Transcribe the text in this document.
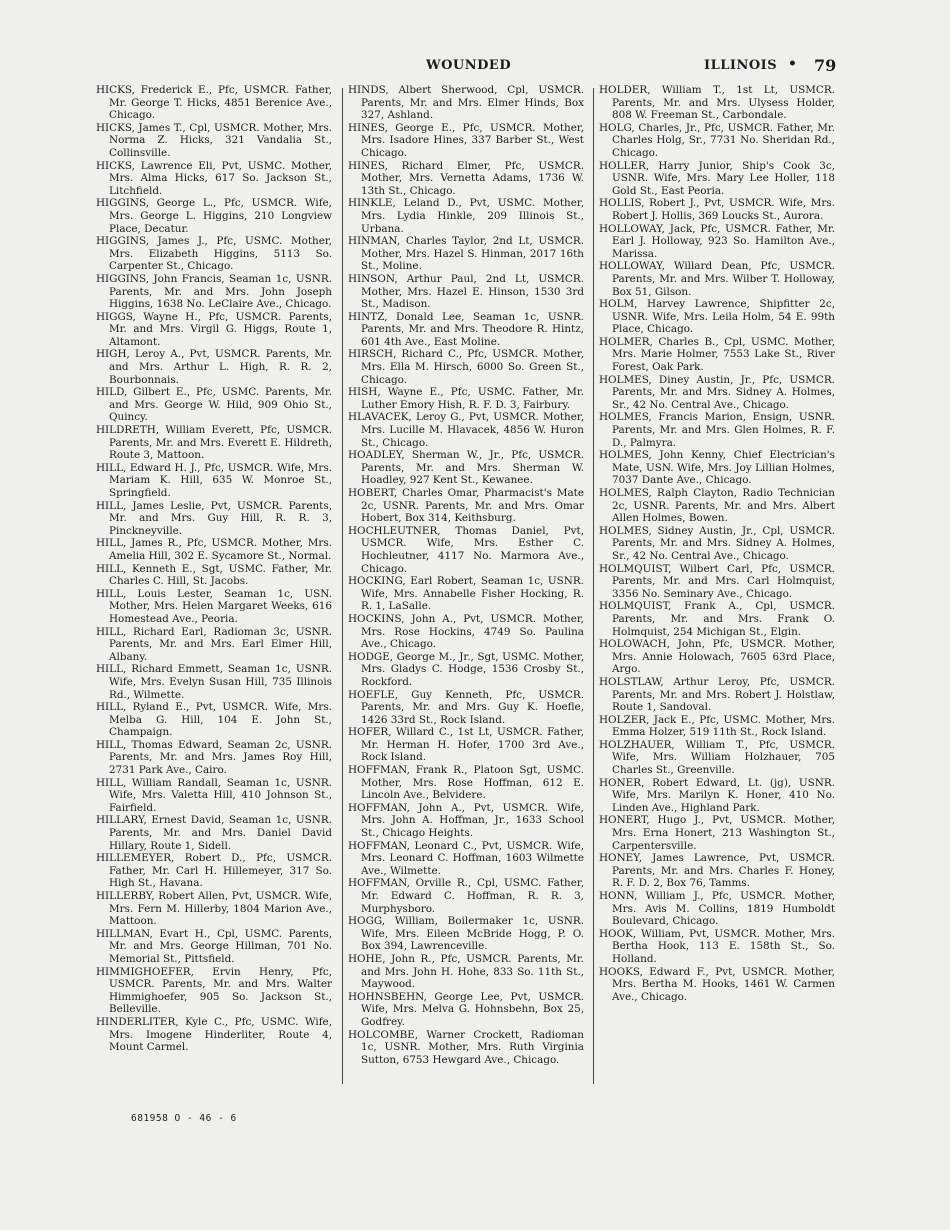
WOUNDED	ILLINOIS • 79

HICKS, Frederick E., Pfc, USMCR. Father, Mr. George T. Hicks, 4851 Berenice Ave., Chicago.

HICKS, James T., Cpl, USMCR. Mother, Mrs. Norma Z. Hicks, 321 Vandalia St., Collinsville.

HICKS, Lawrence Eli, Pvt, USMC. Mother, Mrs. Alma Hicks, 617 So. Jackson St., Litchfield.

HIGGINS, George L., Pfc, USMCR. Wife, Mrs. George L. Higgins, 210 Longview Place, Decatur.

HIGGINS, James J., Pfc, USMC. Mother, Mrs. Elizabeth Higgins, 5113 So. Carpenter St., Chicago.

HIGGINS, John Francis, Seaman 1c, USNR. Parents, Mr. and Mrs. John Joseph Higgins, 1638 No. LeClaire Ave., Chicago.

HIGGS, Wayne H., Pfc, USMCR. Parents, Mr. and Mrs. Virgil G. Higgs, Route 1, Altamont.

HIGH, Leroy A., Pvt, USMCR. Parents, Mr. and Mrs. Arthur L. High, R. R. 2, Bourbonnais.

HILD, Gilbert E., Pfc, USMC. Parents, Mr. and Mrs. George W. Hild, 909 Ohio St., Quincy.

HILDRETH, William Everett, Pfc, USMCR. Parents, Mr. and Mrs. Everett E. Hildreth, Route 3, Mattoon.

HILL, Edward H. J., Pfc, USMCR. Wife, Mrs. Mariam K. Hill, 635 W. Monroe St., Springfield.

HILL, James Leslie, Pvt, USMCR. Parents, Mr. and Mrs. Guy Hill, R. R. 3, Pinckneyville.

HILL, James R., Pfc, USMCR. Mother, Mrs. Amelia Hill, 302 E. Sycamore St., Normal.

HILL, Kenneth E., Sgt, USMC. Father, Mr. Charles C. Hill, St. Jacobs.

HILL, Louis Lester, Seaman 1c, USN. Mother, Mrs. Helen Margaret Weeks, 616 Homestead Ave., Peoria.

HILL, Richard Earl, Radioman 3c, USNR. Parents, Mr. and Mrs. Earl Elmer Hill, Albany.

HILL, Richard Emmett, Seaman 1c, USNR. Wife, Mrs. Evelyn Susan Hill, 735 Illinois Rd., Wilmette.

HILL, Ryland E., Pvt, USMCR. Wife, Mrs. Melba G. Hill, 104 E. John St., Champaign.

HILL, Thomas Edward, Seaman 2c, USNR. Parents, Mr. and Mrs. James Roy Hill, 2731 Park Ave., Cairo.

HILL, William Randall, Seaman 1c, USNR. Wife, Mrs. Valetta Hill, 410 Johnson St., Fairfield.

HILLARY, Ernest David, Seaman 1c, USNR. Parents, Mr. and Mrs. Daniel David Hillary, Route 1, Sidell.

HILLEMEYER, Robert D., Pfc, USMCR. Father, Mr. Carl H. Hillemeyer, 317 So. High St., Havana.

HILLERBY, Robert Allen, Pvt, USMCR. Wife, Mrs. Fern M. Hillerby, 1804 Marion Ave., Mattoon.

HILLMAN, Evart H., Cpl, USMC. Parents, Mr. and Mrs. George Hillman, 701 No. Memorial St., Pittsfield.

HIMMIGHOEFER, Ervin Henry, Pfc, USMCR. Parents, Mr. and Mrs. Walter Himmighoefer, 905 So. Jackson St., Belleville.

HINDERLITER, Kyle C., Pfc, USMC. Wife, Mrs. Imogene Hinderliter, Route 4, Mount Carmel.

HINDS, Albert Sherwood, Cpl, USMCR. Parents, Mr. and Mrs. Elmer Hinds, Box 327, Ashland.

HINES, George E., Pfc, USMCR. Mother, Mrs. Isadore Hines, 337 Barber St., West Chicago.

HINES, Richard Elmer, Pfc, USMCR. Mother, Mrs. Vernetta Adams, 1736 W. 13th St., Chicago.

HINKLE, Leland D., Pvt, USMC. Mother, Mrs. Lydia Hinkle, 209 Illinois St., Urbana.

HINMAN, Charles Taylor, 2nd Lt, USMCR. Mother, Mrs. Hazel S. Hinman, 2017 16th St., Moline.

HINSON, Arthur Paul, 2nd Lt, USMCR. Mother, Mrs. Hazel E. Hinson, 1530 3rd St., Madison.

HINTZ, Donald Lee, Seaman 1c, USNR. Parents, Mr. and Mrs. Theodore R. Hintz, 601 4th Ave., East Moline.

HIRSCH, Richard C., Pfc, USMCR. Mother, Mrs. Ella M. Hirsch, 6000 So. Green St., Chicago.

HISH, Wayne E., Pfc, USMC. Father, Mr. Luther Emory Hish, R. F. D. 3, Fairbury.

HLAVACEK, Leroy G., Pvt, USMCR. Mother, Mrs. Lucille M. Hlavacek, 4856 W. Huron St., Chicago.

HOADLEY, Sherman W., Jr., Pfc, USMCR. Parents, Mr. and Mrs. Sherman W. Hoadley, 927 Kent St., Kewanee.

HOBERT, Charles Omar, Pharmacist's Mate 2c, USNR. Parents, Mr. and Mrs. Omar Hobert, Box 314, Keithsburg.

HOCHLEUTNER, Thomas Daniel, Pvt, USMCR. Wife, Mrs. Esther C. Hochleutner, 4117 No. Marmora Ave., Chicago.

HOCKING, Earl Robert, Seaman 1c, USNR. Wife, Mrs. Annabelle Fisher Hocking, R. R. 1, LaSalle.

HOCKINS, John A., Pvt, USMCR. Mother, Mrs. Rose Hockins, 4749 So. Paulina Ave., Chicago.

HODGE, George M., Jr., Sgt, USMC. Mother, Mrs. Gladys C. Hodge, 1536 Crosby St., Rockford.

HOEFLE, Guy Kenneth, Pfc, USMCR. Parents, Mr. and Mrs. Guy K. Hoefle, 1426 33rd St., Rock Island.

HOFER, Willard C., 1st Lt, USMCR. Father, Mr. Herman H. Hofer, 1700 3rd Ave., Rock Island.

HOFFMAN, Frank R., Platoon Sgt, USMC. Mother, Mrs. Rose Hoffman, 612 E. Lincoln Ave., Belvidere.

HOFFMAN, John A., Pvt, USMCR. Wife, Mrs. John A. Hoffman, Jr., 1633 School St., Chicago Heights.

HOFFMAN, Leonard C., Pvt, USMCR. Wife, Mrs. Leonard C. Hoffman, 1603 Wilmette Ave., Wilmette.

HOFFMAN, Orville R., Cpl, USMC. Father, Mr. Edward C. Hoffman, R. R. 3, Murphysboro.

HOGG, William, Boilermaker 1c, USNR. Wife, Mrs. Eileen McBride Hogg, P. O. Box 394, Lawrenceville.

HOHE, John R., Pfc, USMCR. Parents, Mr. and Mrs. John H. Hohe, 833 So. 11th St., Maywood.

HOHNSBEHN, George Lee, Pvt, USMCR. Wife, Mrs. Melva G. Hohnsbehn, Box 25, Godfrey.

HOLCOMBE, Warner Crockett, Radioman 1c, USNR. Mother, Mrs. Ruth Virginia Sutton, 6753 Hewgard Ave., Chicago.

HOLDER, William T., 1st Lt, USMCR. Parents, Mr. and Mrs. Ulysess Holder, 808 W. Freeman St., Carbondale.

HOLG, Charles, Jr., Pfc, USMCR. Father, Mr. Charles Holg, Sr., 7731 No. Sheridan Rd., Chicago.

HOLLER, Harry Junior, Ship's Cook 3c, USNR. Wife, Mrs. Mary Lee Holler, 118 Gold St., East Peoria.

HOLLIS, Robert J., Pvt, USMCR. Wife, Mrs. Robert J. Hollis, 369 Loucks St., Aurora.

HOLLOWAY, Jack, Pfc, USMCR. Father, Mr. Earl J. Holloway, 923 So. Hamilton Ave., Marissa.

HOLLOWAY, Willard Dean, Pfc, USMCR. Parents, Mr. and Mrs. Wilber T. Holloway, Box 51, Gilson.

HOLM, Harvey Lawrence, Shipfitter 2c, USNR. Wife, Mrs. Leila Holm, 54 E. 99th Place, Chicago.

HOLMER, Charles B., Cpl, USMC. Mother, Mrs. Marie Holmer, 7553 Lake St., River Forest, Oak Park.

HOLMES, Diney Austin, Jr., Pfc, USMCR. Parents, Mr. and Mrs. Sidney A. Holmes, Sr., 42 No. Central Ave., Chicago.

HOLMES, Francis Marion, Ensign, USNR. Parents, Mr. and Mrs. Glen Holmes, R. F. D., Palmyra.

HOLMES, John Kenny, Chief Electrician's Mate, USN. Wife, Mrs. Joy Lillian Holmes, 7037 Dante Ave., Chicago.

HOLMES, Ralph Clayton, Radio Technician 2c, USNR. Parents, Mr. and Mrs. Albert Allen Holmes, Bowen.

HOLMES, Sidney Austin, Jr., Cpl, USMCR. Parents, Mr. and Mrs. Sidney A. Holmes, Sr., 42 No. Central Ave., Chicago.

HOLMQUIST, Wilbert Carl, Pfc, USMCR. Parents, Mr. and Mrs. Carl Holmquist, 3356 No. Seminary Ave., Chicago.

HOLMQUIST, Frank A., Cpl, USMCR. Parents, Mr. and Mrs. Frank O. Holmquist, 254 Michigan St., Elgin.

HOLOWACH, John, Pfc, USMCR. Mother, Mrs. Annie Holowach, 7605 63rd Place, Argo.

HOLSTLAW, Arthur Leroy, Pfc, USMCR. Parents, Mr. and Mrs. Robert J. Holstlaw, Route 1, Sandoval.

HOLZER, Jack E., Pfc, USMC. Mother, Mrs. Emma Holzer, 519 11th St., Rock Island.

HOLZHAUER, William T., Pfc, USMCR. Wife, Mrs. William Holzhauer, 705 Charles St., Greenville.

HONER, Robert Edward, Lt. (jg), USNR. Wife, Mrs. Marilyn K. Honer, 410 No. Linden Ave., Highland Park.

HONERT, Hugo J., Pvt, USMCR. Mother, Mrs. Erna Honert, 213 Washington St., Carpentersville.

HONEY, James Lawrence, Pvt, USMCR. Parents, Mr. and Mrs. Charles F. Honey, R. F. D. 2, Box 76, Tamms.

HONN, William J., Pfc, USMCR. Mother, Mrs. Avis M. Collins, 1819 Humboldt Boulevard, Chicago.

HOOK, William, Pvt, USMCR. Mother, Mrs. Bertha Hook, 113 E. 158th St., So. Holland.

HOOKS, Edward F., Pvt, USMCR. Mother, Mrs. Bertha M. Hooks, 1461 W. Carmen Ave., Chicago.

681958 O - 46 - 6
